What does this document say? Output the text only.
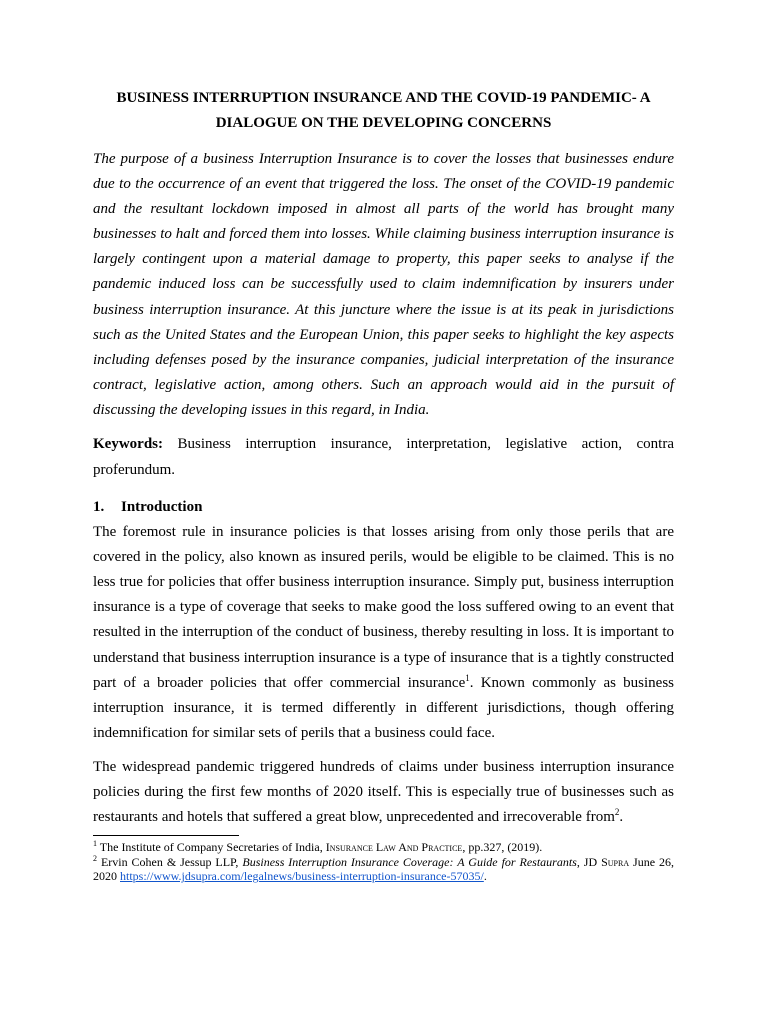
BUSINESS INTERRUPTION INSURANCE AND THE COVID-19 PANDEMIC- A DIALOGUE ON THE DEVELOPING CONCERNS

The purpose of a business Interruption Insurance is to cover the losses that businesses endure due to the occurrence of an event that triggered the loss. The onset of the COVID-19 pandemic and the resultant lockdown imposed in almost all parts of the world has brought many businesses to halt and forced them into losses. While claiming business interruption insurance is largely contingent upon a material damage to property, this paper seeks to analyse if the pandemic induced loss can be successfully used to claim indemnification by insurers under business interruption insurance. At this juncture where the issue is at its peak in jurisdictions such as the United States and the European Union, this paper seeks to highlight the key aspects including defenses posed by the insurance companies, judicial interpretation of the insurance contract, legislative action, among others. Such an approach would aid in the pursuit of discussing the developing issues in this regard, in India.

Keywords: Business interruption insurance, interpretation, legislative action, contra proferundum.

1.	Introduction

The foremost rule in insurance policies is that losses arising from only those perils that are covered in the policy, also known as insured perils, would be eligible to be claimed. This is no less true for policies that offer business interruption insurance. Simply put, business interruption insurance is a type of coverage that seeks to make good the loss suffered owing to an event that resulted in the interruption of the conduct of business, thereby resulting in loss. It is important to understand that business interruption insurance is a type of insurance that is a tightly constructed part of a broader policies that offer commercial insurance$^1$. Known commonly as business interruption insurance, it is termed differently in different jurisdictions, though offering indemnification for similar sets of perils that a business could face.

The widespread pandemic triggered hundreds of claims under business interruption insurance policies during the first few months of 2020 itself. This is especially true of businesses such as restaurants and hotels that suffered a great blow, unprecedented and irrecoverable from$^2$.

$^1$ The Institute of Company Secretaries of India, Insurance Law And Practice, pp.327, (2019).

$^2$ Ervin Cohen & Jessup LLP, Business Interruption Insurance Coverage: A Guide for Restaurants, JD Supra June 26, 2020 https://www.jdsupra.com/legalnews/business-interruption-insurance-57035/.
